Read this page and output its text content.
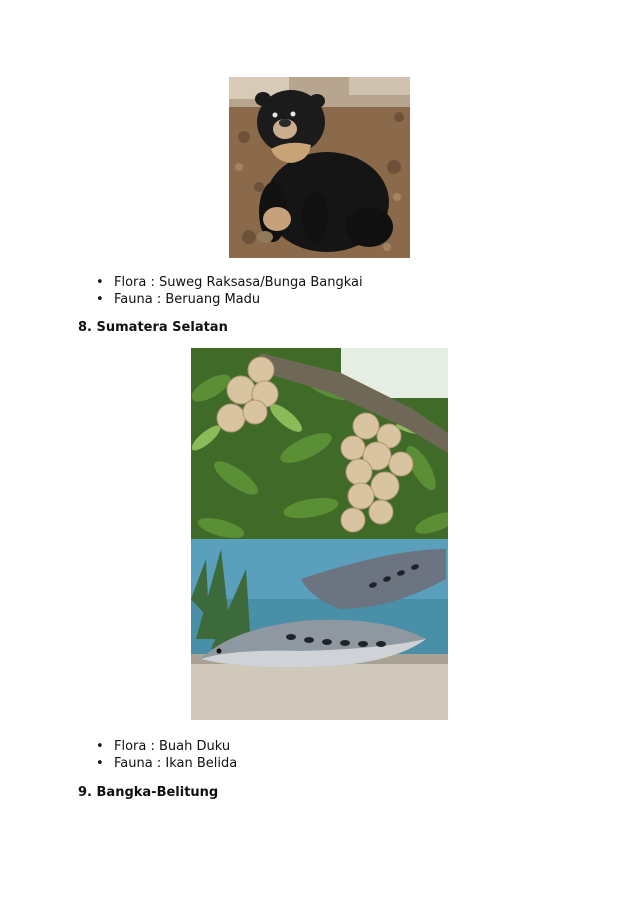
• Flora : Suweg Raksasa/Bunga Bangkai
• Fauna : Beruang Madu

8. Sumatera Selatan

• Flora : Buah Duku
• Fauna : Ikan Belida

9. Bangka-Belitung
